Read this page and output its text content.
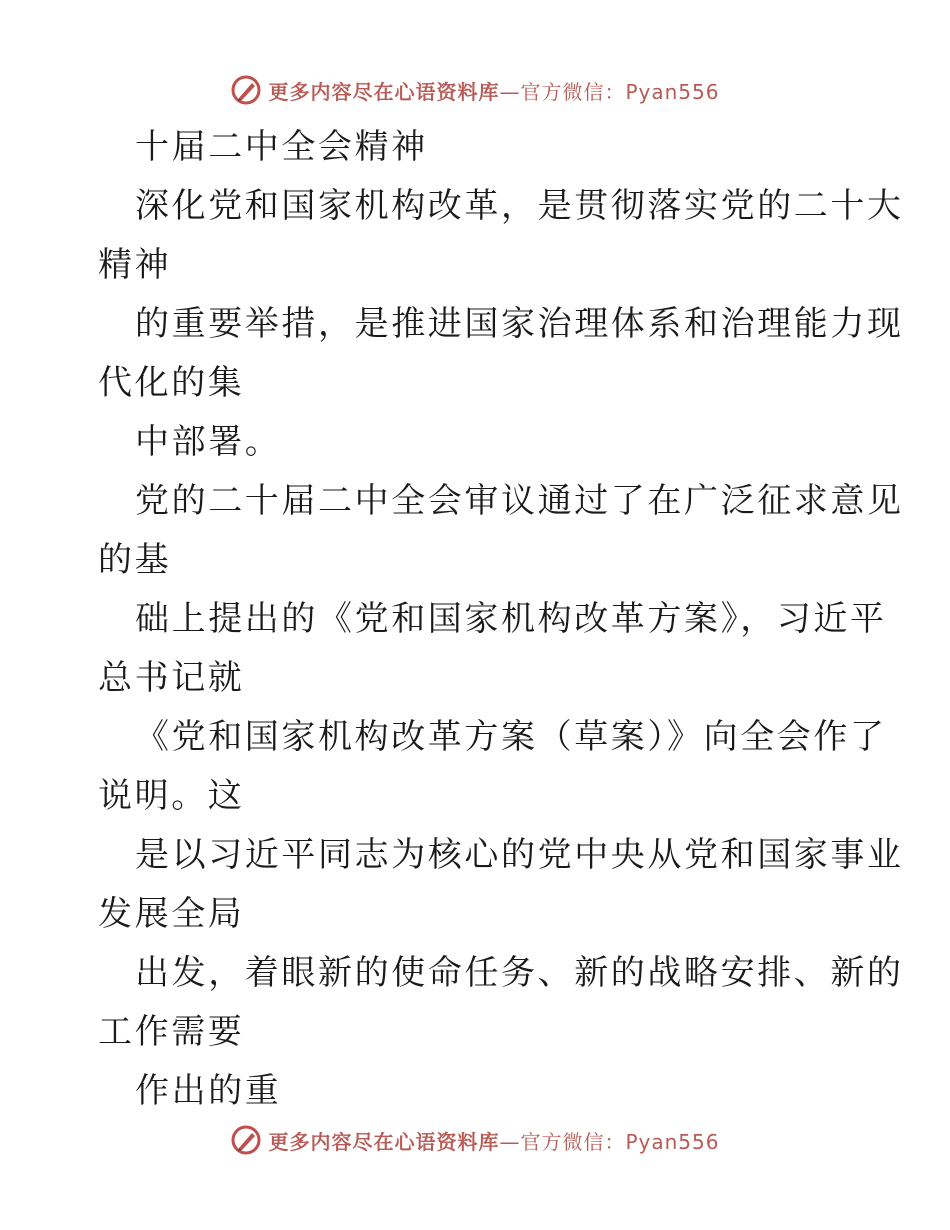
更多内容尽在心语资料库 —官方微信：Pyan556
十届二中全会精神
深化党和国家机构改革，是贯彻落实党的二十大
精神
的重要举措，是推进国家治理体系和治理能力现
代化的集
中部署。
党的二十届二中全会审议通过了在广泛征求意见
的基
础上提出的《党和国家机构改革方案》，习近平
总书记就
《党和国家机构改革方案（草案）》向全会作了
说明。这
是以习近平同志为核心的党中央从党和国家事业
发展全局
出发，着眼新的使命任务、新的战略安排、新的
工作需要
作出的重
更多内容尽在心语资料库 —官方微信：Pyan556
